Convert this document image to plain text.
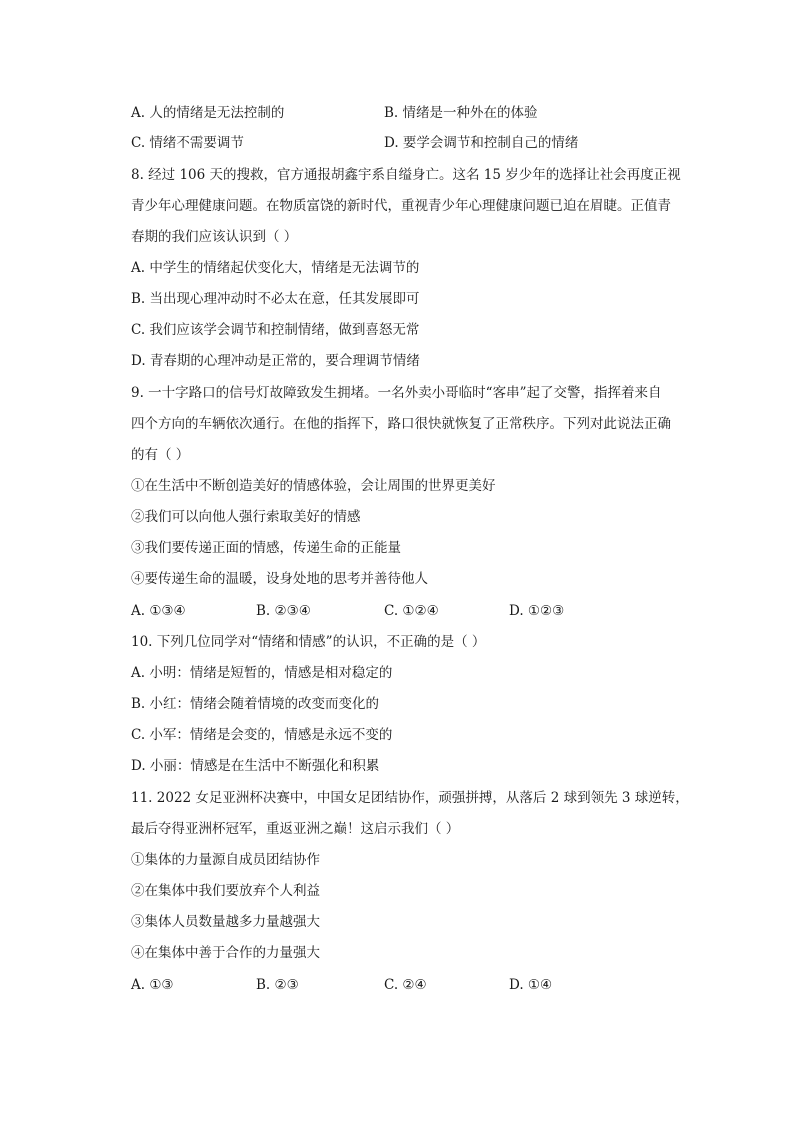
A. 人的情绪是无法控制的	B. 情绪是一种外在的体验
C. 情绪不需要调节	D. 要学会调节和控制自己的情绪
8. 经过 106 天的搜救，官方通报胡鑫宇系自缢身亡。这名 15 岁少年的选择让社会再度正视
青少年心理健康问题。在物质富饶的新时代，重视青少年心理健康问题已迫在眉睫。正值青
春期的我们应该认识到（ ）
A. 中学生的情绪起伏变化大，情绪是无法调节的
B. 当出现心理冲动时不必太在意，任其发展即可
C. 我们应该学会调节和控制情绪，做到喜怒无常
D. 青春期的心理冲动是正常的，要合理调节情绪
9. 一十字路口的信号灯故障致发生拥堵。一名外卖小哥临时“客串”起了交警，指挥着来自
四个方向的车辆依次通行。在他的指挥下，路口很快就恢复了正常秩序。下列对此说法正确
的有（ ）
①在生活中不断创造美好的情感体验，会让周围的世界更美好
②我们可以向他人强行索取美好的情感
③我们要传递正面的情感，传递生命的正能量
④要传递生命的温暖，设身处地的思考并善待他人
A. ①③④	B. ②③④	C. ①②④	D. ①②③
10. 下列几位同学对“情绪和情感”的认识，不正确的是（ ）
A. 小明：情绪是短暂的，情感是相对稳定的
B. 小红：情绪会随着情境的改变而变化的
C. 小军：情绪是会变的，情感是永远不变的
D. 小丽：情感是在生活中不断强化和积累
11. 2022 女足亚洲杯决赛中，中国女足团结协作，顽强拼搏，从落后 2 球到领先 3 球逆转，
最后夺得亚洲杯冠军，重返亚洲之巅！这启示我们（ ）
①集体的力量源自成员团结协作
②在集体中我们要放弃个人利益
③集体人员数量越多力量越强大
④在集体中善于合作的力量强大
A. ①③	B. ②③	C. ②④	D. ①④
